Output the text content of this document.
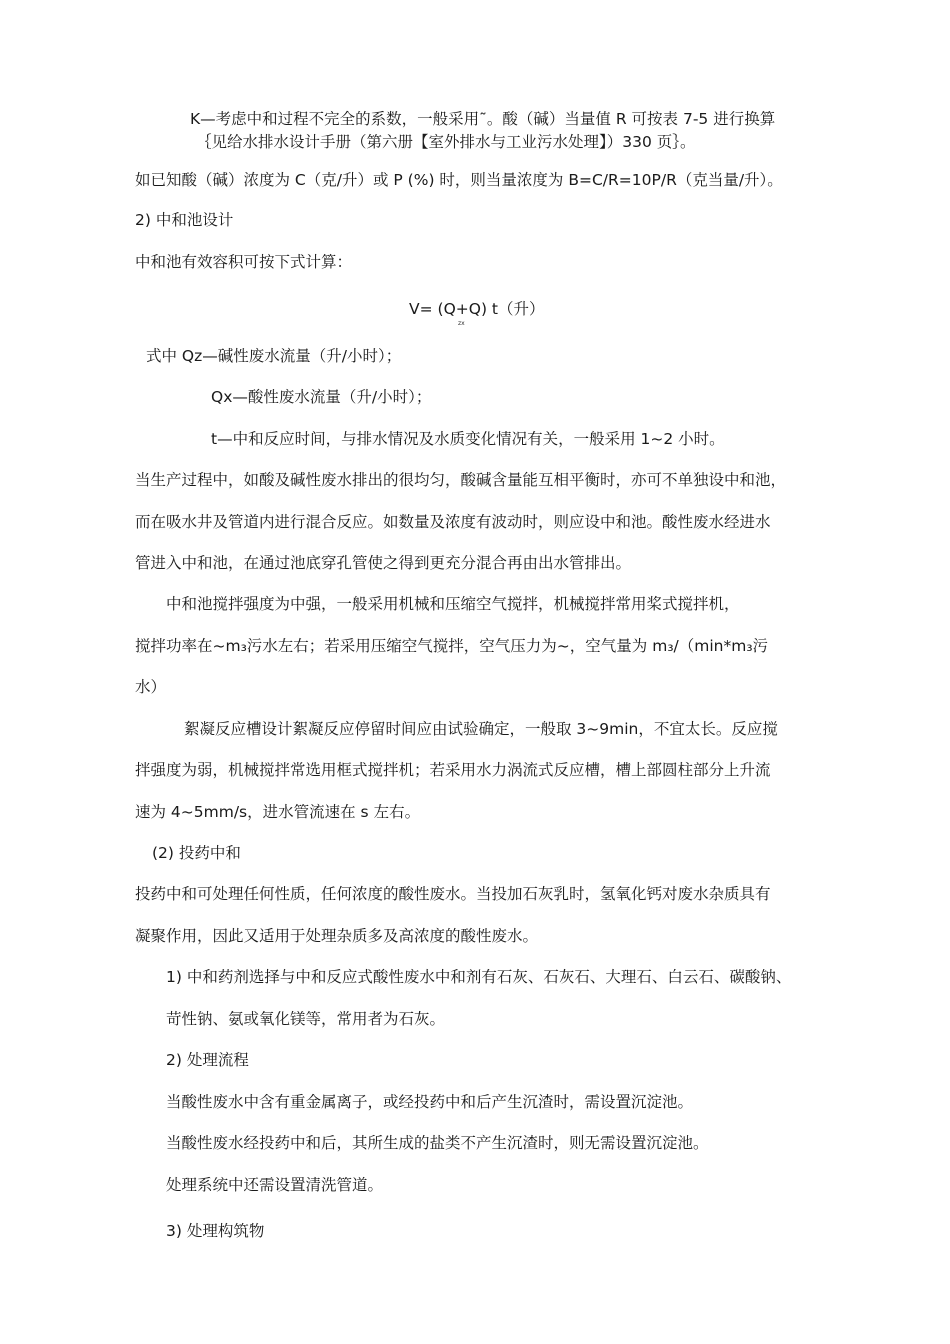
K—考虑中和过程不完全的系数，一般采用˜。酸（碱）当量值 R 可按表 7-5 进行换算
｛见给水排水设计手册（第六册【室外排水与工业污水处理】）330 页｝。
如已知酸（碱）浓度为 C（克/升）或 P (%) 时，则当量浓度为 B=C/R=10P/R（克当量/升）。
2) 中和池设计
中和池有效容积可按下式计算：
V= (Q+Q) t（升）
zx
式中 Qz—碱性废水流量（升/小时）；
Qx—酸性废水流量（升/小时）；
t—中和反应时间，与排水情况及水质变化情况有关，一般采用 1~2 小时。
当生产过程中，如酸及碱性废水排出的很均匀，酸碱含量能互相平衡时，亦可不单独设中和池，
而在吸水井及管道内进行混合反应。如数量及浓度有波动时，则应设中和池。酸性废水经进水
管进入中和池，在通过池底穿孔管使之得到更充分混合再由出水管排出。
中和池搅拌强度为中强，一般采用机械和压缩空气搅拌，机械搅拌常用桨式搅拌机，
搅拌功率在~m₃污水左右；若采用压缩空气搅拌，空气压力为~，空气量为 m₃/（min*m₃污
水）
絮凝反应槽设计絮凝反应停留时间应由试验确定，一般取 3~9min，不宜太长。反应搅
拌强度为弱，机械搅拌常选用框式搅拌机；若采用水力涡流式反应槽，槽上部圆柱部分上升流
速为 4~5mm/s，进水管流速在 s 左右。
(2) 投药中和
投药中和可处理任何性质，任何浓度的酸性废水。当投加石灰乳时，氢氧化钙对废水杂质具有
凝聚作用，因此又适用于处理杂质多及高浓度的酸性废水。
1) 中和药剂选择与中和反应式酸性废水中和剂有石灰、石灰石、大理石、白云石、碳酸钠、
苛性钠、氨或氧化镁等，常用者为石灰。
2) 处理流程
当酸性废水中含有重金属离子，或经投药中和后产生沉渣时，需设置沉淀池。
当酸性废水经投药中和后，其所生成的盐类不产生沉渣时，则无需设置沉淀池。
处理系统中还需设置清洗管道。
3) 处理构筑物
